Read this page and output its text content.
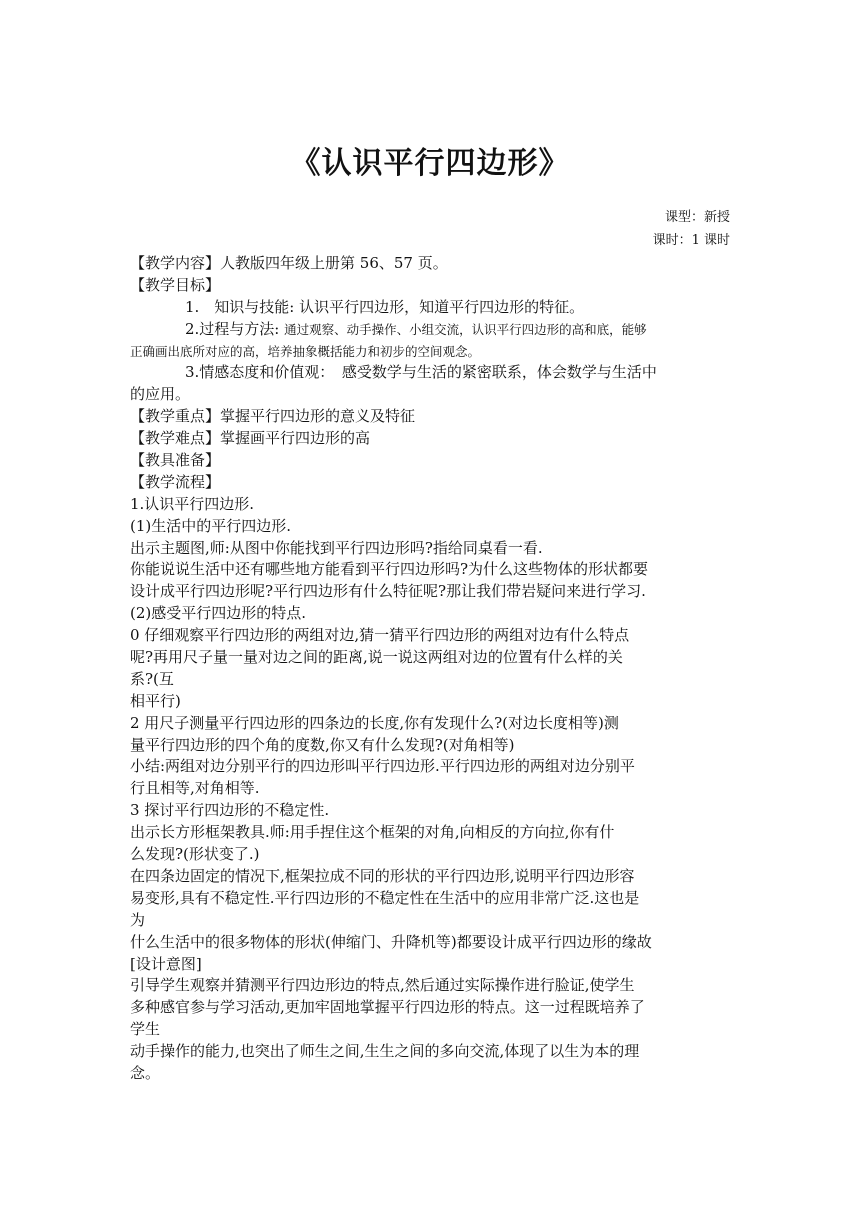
《认识平行四边形》
课型：新授
课时：1 课时
【教学内容】人教版四年级上册第 56、57 页。
【教学目标】
1.　知识与技能: 认识平行四边形，知道平行四边形的特征。
2.过程与方法: 通过观察、动手操作、小组交流，认识平行四边形的高和底，能够
正确画出底所对应的高，培养抽象概括能力和初步的空间观念。
3.情感态度和价值观：　感受数学与生活的紧密联系，体会数学与生活中
的应用。
【教学重点】掌握平行四边形的意义及特征
【教学难点】掌握画平行四边形的高
【教具准备】
【教学流程】
1.认识平行四边形.
(1)生活中的平行四边形.
出示主题图,师:从图中你能找到平行四边形吗?指给同桌看一看.
你能说说生活中还有哪些地方能看到平行四边形吗?为什么这些物体的形状都要
设计成平行四边形呢?平行四边形有什么特征呢?那让我们带岩疑问来进行学习.
(2)感受平行四边形的特点.
0 仔细观察平行四边形的两组对边,猜一猜平行四边形的两组对边有什么特点
呢?再用尺子量一量对边之间的距离,说一说这两组对边的位置有什么样的关
系?(互
相平行)
2 用尺子测量平行四边形的四条边的长度,你有发现什么?(对边长度相等)测
量平行四边形的四个角的度数,你又有什么发现?(对角相等)
小结:两组对边分别平行的四边形叫平行四边形.平行四边形的两组对边分别平
行且相等,对角相等.
3 探讨平行四边形的不稳定性.
出示长方形框架教具.师:用手捏住这个框架的对角,向相反的方向拉,你有什
么发现?(形状变了.)
在四条边固定的情况下,框架拉成不同的形状的平行四边形,说明平行四边形容
易变形,具有不稳定性.平行四边形的不稳定性在生活中的应用非常广泛.这也是
为
什么生活中的很多物体的形状(伸缩门、升降机等)都要设计成平行四边形的缘故
[设计意图]
引导学生观察并猜测平行四边形边的特点,然后通过实际操作进行脸证,使学生
多种感官参与学习活动,更加牢固地掌握平行四边形的特点。这一过程既培养了
学生
动手操作的能力,也突出了师生之间,生生之间的多向交流,体现了以生为本的理
念。
